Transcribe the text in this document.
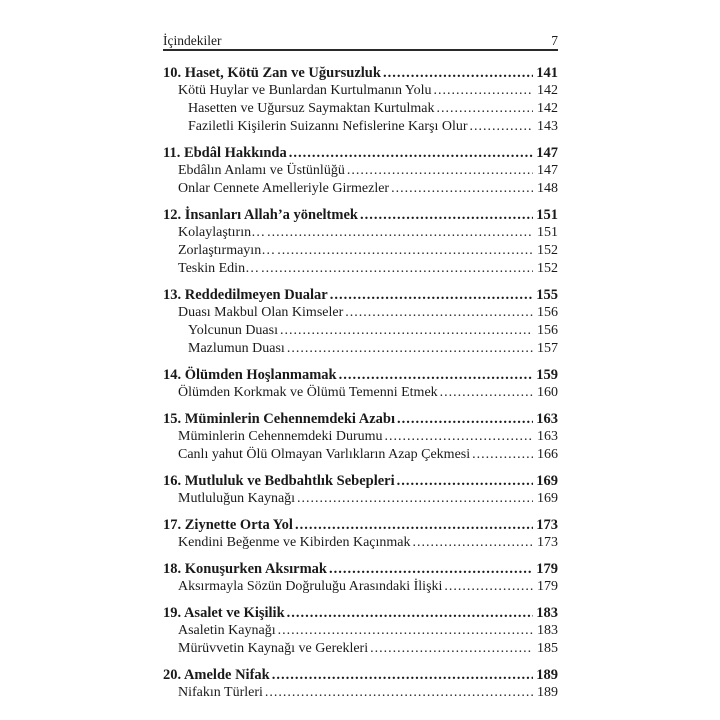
İçindekiler	7
10. Haset, Kötü Zan ve Uğursuzluk .....	141
Kötü Huylar ve Bunlardan Kurtulmanın Yolu .....	142
Hasetten ve Uğursuz Saymaktan Kurtulmak .....	142
Faziletli Kişilerin Suizannı Nefislerine Karşı Olur .....	143
11. Ebdâl Hakkında .....	147
Ebdâlın Anlamı ve Üstünlüğü .....	147
Onlar Cennete Amelleriyle Girmezler .....	148
12. İnsanları Allah’a yöneltmek .....	151
Kolaylaştırın… .....	151
Zorlaştırmayın… .....	152
Teskin Edin… .....	152
13. Reddedilmeyen Dualar .....	155
Duası Makbul Olan Kimseler .....	156
Yolcunun Duası .....	156
Mazlumun Duası .....	157
14. Ölümden Hoşlanmamak .....	159
Ölümden Korkmak ve Ölümü Temenni Etmek .....	160
15. Müminlerin Cehennemdeki Azabı .....	163
Müminlerin Cehennemdeki Durumu .....	163
Canlı yahut Ölü Olmayan Varlıkların Azap Çekmesi .....	166
16. Mutluluk ve Bedbahtlık Sebepleri .....	169
Mutluluğun Kaynağı .....	169
17. Ziynette Orta Yol .....	173
Kendini Beğenme ve Kibirden Kaçınmak .....	173
18. Konuşurken Aksırmak .....	179
Aksırmayla Sözün Doğruluğu Arasındaki İlişki .....	179
19. Asalet ve Kişilik .....	183
Asaletin Kaynağı .....	183
Mürüvvetin Kaynağı ve Gerekleri .....	185
20. Amelde Nifak .....	189
Nifakın Türleri .....	189
